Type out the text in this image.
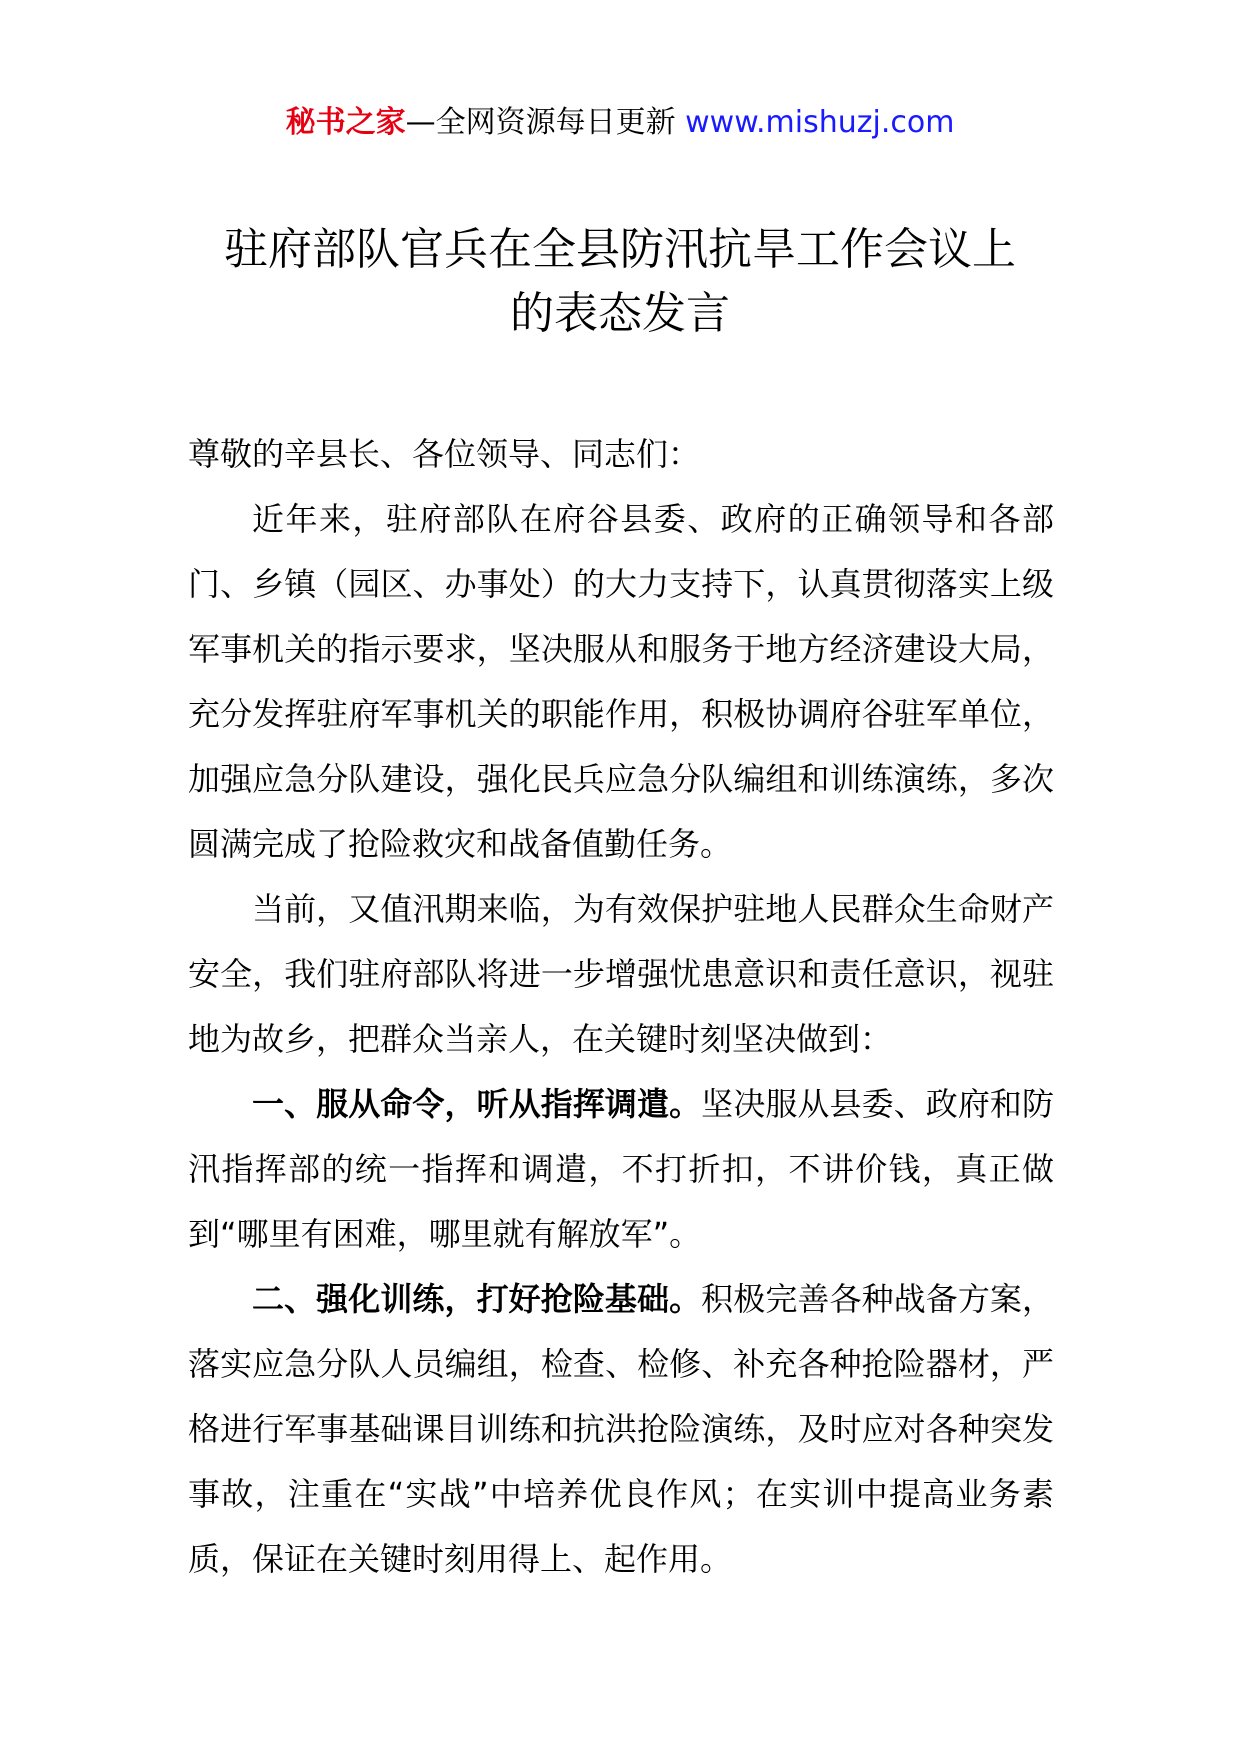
秘书之家—全网资源每日更新 www.mishuzj.com
驻府部队官兵在全县防汛抗旱工作会议上
的表态发言

尊敬的辛县长、各位领导、同志们：

近年来，驻府部队在府谷县委、政府的正确领导和各部门、乡镇（园区、办事处）的大力支持下，认真贯彻落实上级军事机关的指示要求，坚决服从和服务于地方经济建设大局，充分发挥驻府军事机关的职能作用，积极协调府谷驻军单位，加强应急分队建设，强化民兵应急分队编组和训练演练，多次圆满完成了抢险救灾和战备值勤任务。

当前，又值汛期来临，为有效保护驻地人民群众生命财产安全，我们驻府部队将进一步增强忧患意识和责任意识，视驻地为故乡，把群众当亲人，在关键时刻坚决做到：

一、服从命令，听从指挥调遣。坚决服从县委、政府和防汛指挥部的统一指挥和调遣，不打折扣，不讲价钱，真正做到“哪里有困难，哪里就有解放军”。

二、强化训练，打好抢险基础。积极完善各种战备方案，落实应急分队人员编组，检查、检修、补充各种抢险器材，严格进行军事基础课目训练和抗洪抢险演练，及时应对各种突发事故，注重在“实战”中培养优良作风；在实训中提高业务素质，保证在关键时刻用得上、起作用。
